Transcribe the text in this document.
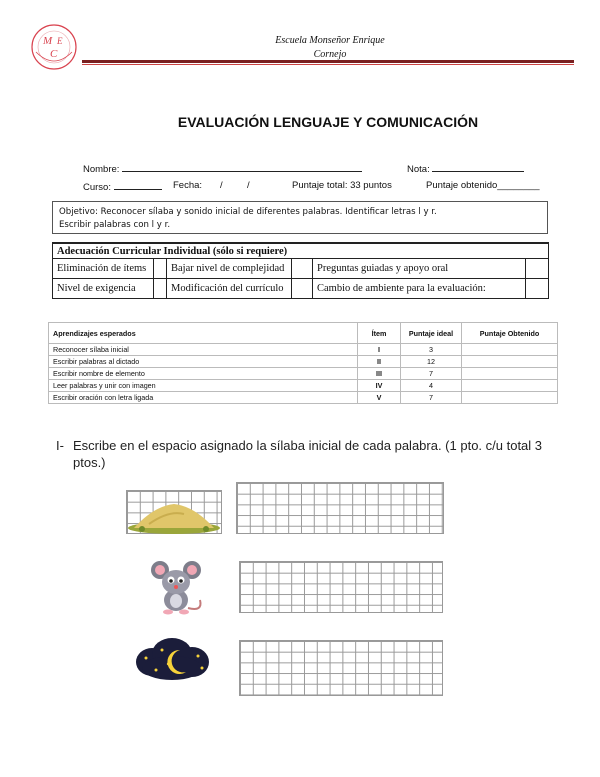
M E
C
Escuela Monseñor Enrique
Cornejo
EVALUACIÓN LENGUAJE Y COMUNICACIÓN
Nombre:	Nota:
Curso:	Fecha: /	/	Puntaje total: 33 puntos	Puntaje obtenido________
Objetivo: Reconocer sílaba y sonido inicial de diferentes palabras. Identificar letras l y r.
Escribir palabras con l y r.
Adecuación Curricular Individual (sólo si requiere)					
Eliminación de ítems		Bajar nivel de complejidad		Preguntas guiadas y apoyo oral	
Nivel de exigencia		Modificación del currículo		Cambio de ambiente para la evaluación:	
Aprendizajes esperados	Ítem	Puntaje ideal	Puntaje Obtenido
Reconocer sílaba inicial	I	3	
Escribir palabras al dictado	II	12	
Escribir nombre de elemento	III	7	
Leer palabras y unir con imagen	IV	4	
Escribir oración con letra ligada	V	7	
I- Escribe en el espacio asignado la sílaba inicial de cada palabra. (1 pto. c/u total 3 ptos.)
